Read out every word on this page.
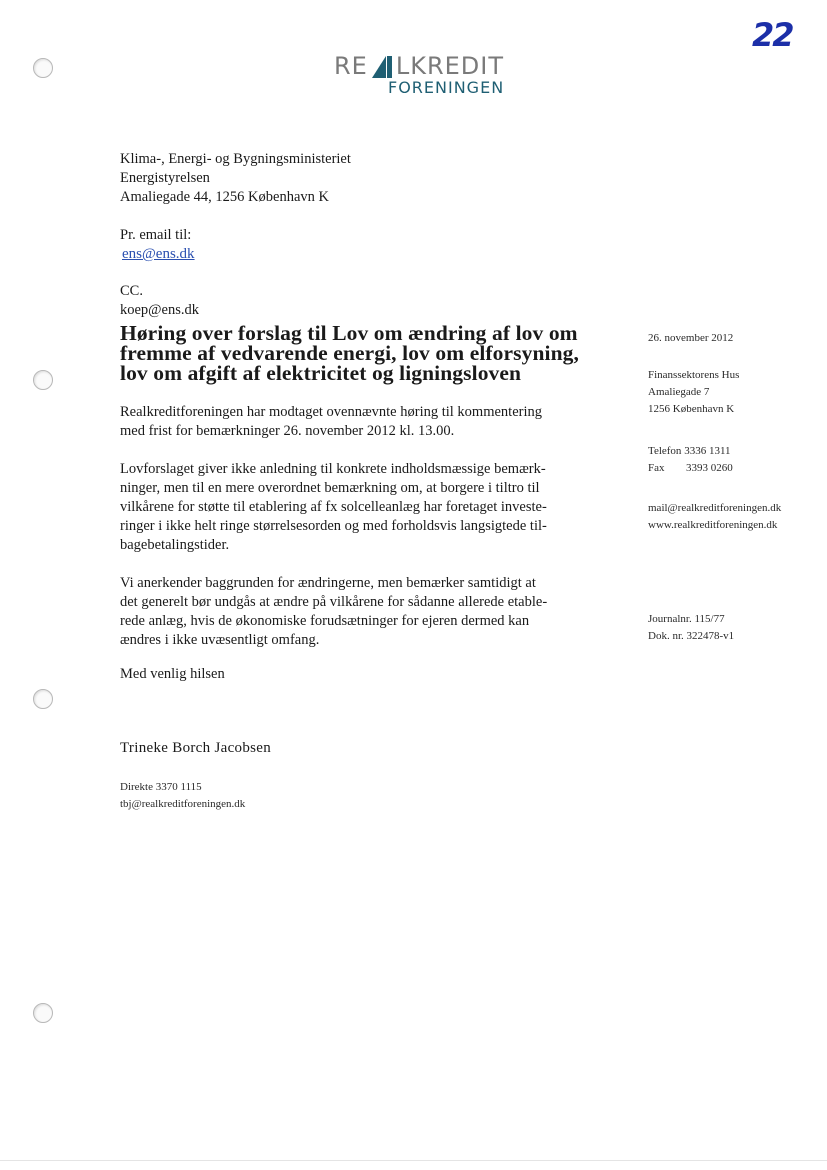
22
RE LKREDIT
FORENINGEN
Klima-, Energi- og Bygningsministeriet
Energistyrelsen
Amaliegade 44, 1256 København K
Pr. email til:
ens@ens.dk
CC.
koep@ens.dk
Høring over forslag til Lov om ændring af lov om
fremme af vedvarende energi, lov om elforsyning,
lov om afgift af elektricitet og ligningsloven
Realkreditforeningen har modtaget ovennævnte høring til kommentering
med frist for bemærkninger 26. november 2012 kl. 13.00.
Lovforslaget giver ikke anledning til konkrete indholdsmæssige bemærk-
ninger, men til en mere overordnet bemærkning om, at borgere i tiltro til
vilkårene for støtte til etablering af fx solcelleanlæg har foretaget investe-
ringer i ikke helt ringe størrelsesorden og med forholdsvis langsigtede til-
bagebetalingstider.
Vi anerkender baggrunden for ændringerne, men bemærker samtidigt at
det generelt bør undgås at ændre på vilkårene for sådanne allerede etable-
rede anlæg, hvis de økonomiske forudsætninger for ejeren dermed kan
ændres i ikke uvæsentligt omfang.
Med venlig hilsen
Trineke Borch Jacobsen
Direkte 3370 1115
tbj@realkreditforeningen.dk
26. november 2012
Finanssektorens Hus
Amaliegade 7
1256 København K
Telefon 3336 1311
Fax 3393 0260
mail@realkreditforeningen.dk
www.realkreditforeningen.dk
Journalnr. 115/77
Dok. nr. 322478-v1
